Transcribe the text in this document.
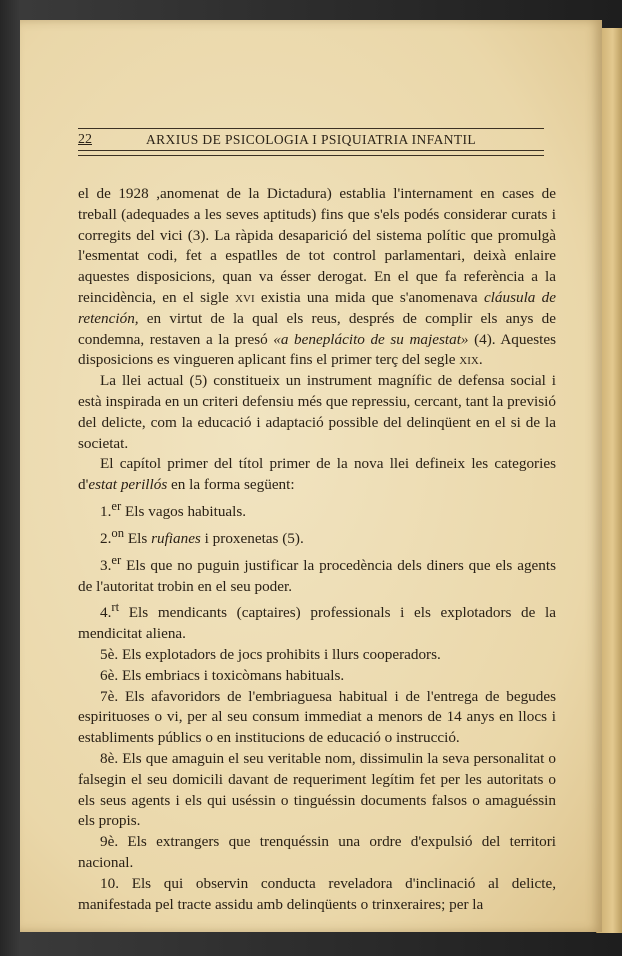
22	ARXIUS DE PSICOLOGIA I PSIQUIATRIA INFANTIL

el de 1928 ,anomenat de la Dictadura) establia l'internament en cases de treball (adequades a les seves aptituds) fins que s'els podés considerar curats i corregits del vici (3). La ràpida desaparició del sistema polític que promulgà l'esmentat codi, fet a espatlles de tot control parlamentari, deixà enlaire aquestes disposicions, quan va ésser derogat. En el que fa referència a la reincidència, en el sigle xvi existia una mida que s'anomenava cláusula de retención, en virtut de la qual els reus, després de complir els anys de condemna, restaven a la presó «a beneplácito de su majestat» (4). Aquestes disposicions es vingueren aplicant fins el primer terç del segle xix.

La llei actual (5) constitueix un instrument magnífic de defensa social i està inspirada en un criteri defensiu més que repressiu, cercant, tant la previsió del delicte, com la educació i adaptació possible del delinqüent en el si de la societat.

El capítol primer del títol primer de la nova llei defineix les categories d'estat perillós en la forma següent:

1.$^{er}$ Els vagos habituals.

2.$^{on}$ Els rufianes i proxenetas (5).

3.$^{er}$ Els que no puguin justificar la procedència dels diners que els agents de l'autoritat trobin en el seu poder.

4.$^{rt}$ Els mendicants (captaires) professionals i els explotadors de la mendicitat aliena.

5è. Els explotadors de jocs prohibits i llurs cooperadors.

6è. Els embriacs i toxicòmans habituals.

7è. Els afavoridors de l'embriaguesa habitual i de l'entrega de begudes espirituoses o vi, per al seu consum immediat a menors de 14 anys en llocs i establiments públics o en institucions de educació o instrucció.

8è. Els que amaguin el seu veritable nom, dissimulin la seva personalitat o falsegin el seu domicili davant de requeriment legítim fet per les autoritats o els seus agents i els qui uséssin o tinguéssin documents falsos o amaguéssin els propis.

9è. Els extrangers que trenquéssin una ordre d'expulsió del territori nacional.

10. Els qui observin conducta reveladora d'inclinació al delicte, manifestada pel tracte assidu amb delinqüents o trinxeraires; per la
